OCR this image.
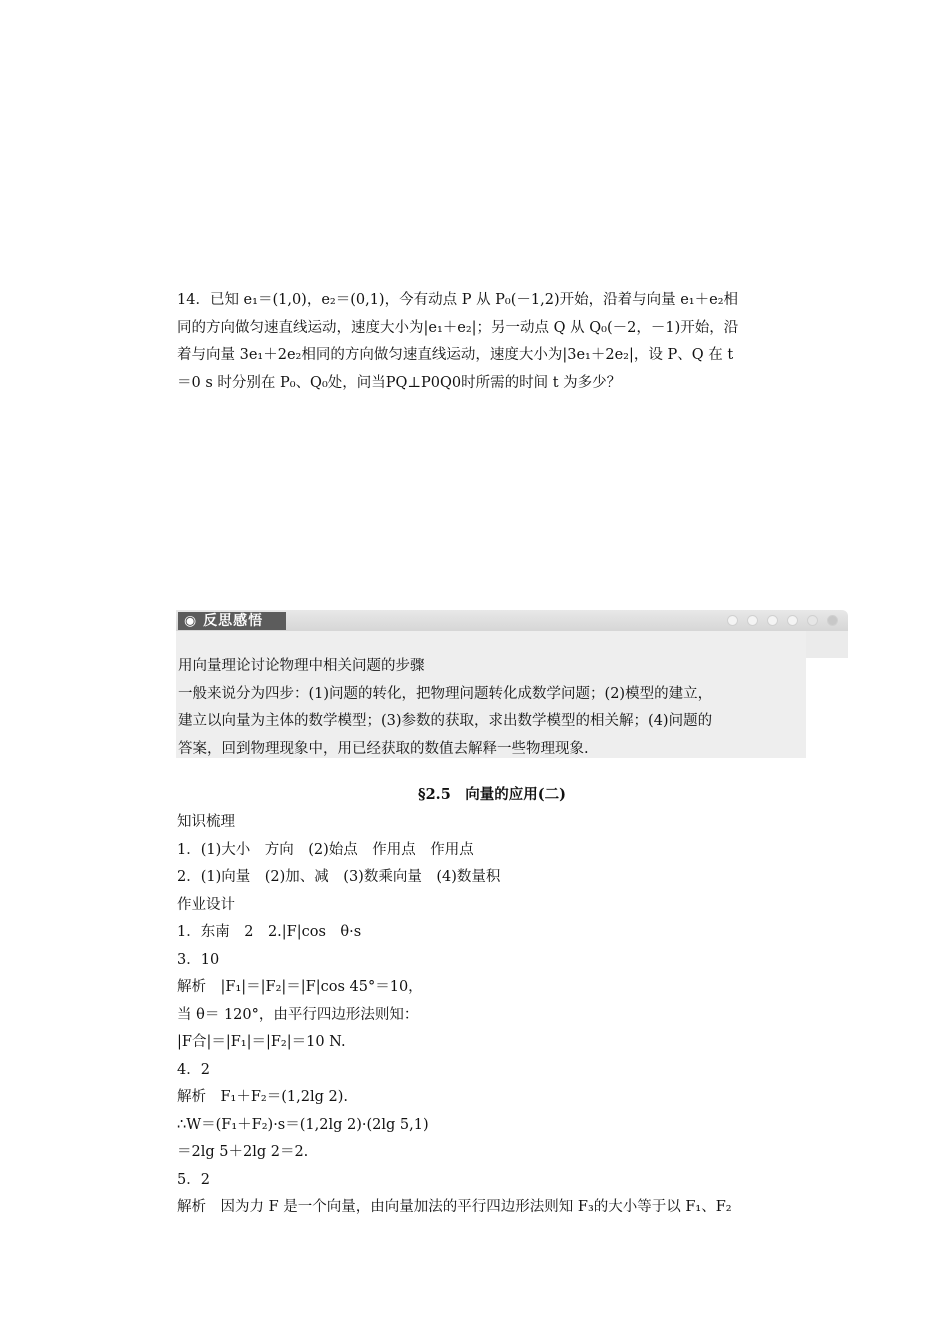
14．已知 e₁＝(1,0)，e₂＝(0,1)，今有动点 P 从 P₀(－1,2)开始，沿着与向量 e₁＋e₂相
同的方向做匀速直线运动，速度大小为|e₁＋e₂|；另一动点 Q 从 Q₀(－2，－1)开始，沿
着与向量 3e₁＋2e₂相同的方向做匀速直线运动，速度大小为|3e₁＋2e₂|，设 P、Q 在 t
＝0 s 时分别在 P₀、Q₀处，问当PQ⊥P0Q0时所需的时间 t 为多少？
◉ 反思感悟
用向量理论讨论物理中相关问题的步骤
一般来说分为四步：(1)问题的转化，把物理问题转化成数学问题；(2)模型的建立，
建立以向量为主体的数学模型；(3)参数的获取，求出数学模型的相关解；(4)问题的
答案，回到物理现象中，用已经获取的数值去解释一些物理现象.
§2.5　向量的应用(二)
知识梳理
1．(1)大小　方向　(2)始点　作用点　作用点
2．(1)向量　(2)加、减　(3)数乘向量　(4)数量积
作业设计
1．东南　2　2.|F|cos　θ·s
3．10
解析　|F₁|＝|F₂|＝|F|cos 45°＝10，
当 θ＝ 120°，由平行四边形法则知：
|F合|＝|F₁|＝|F₂|＝10 N.
4．2
解析　F₁＋F₂＝(1,2lg 2).
∴W＝(F₁＋F₂)·s＝(1,2lg 2)·(2lg 5,1)
＝2lg 5＋2lg 2＝2.
5．2
解析　因为力 F 是一个向量，由向量加法的平行四边形法则知 F₃的大小等于以 F₁、F₂
